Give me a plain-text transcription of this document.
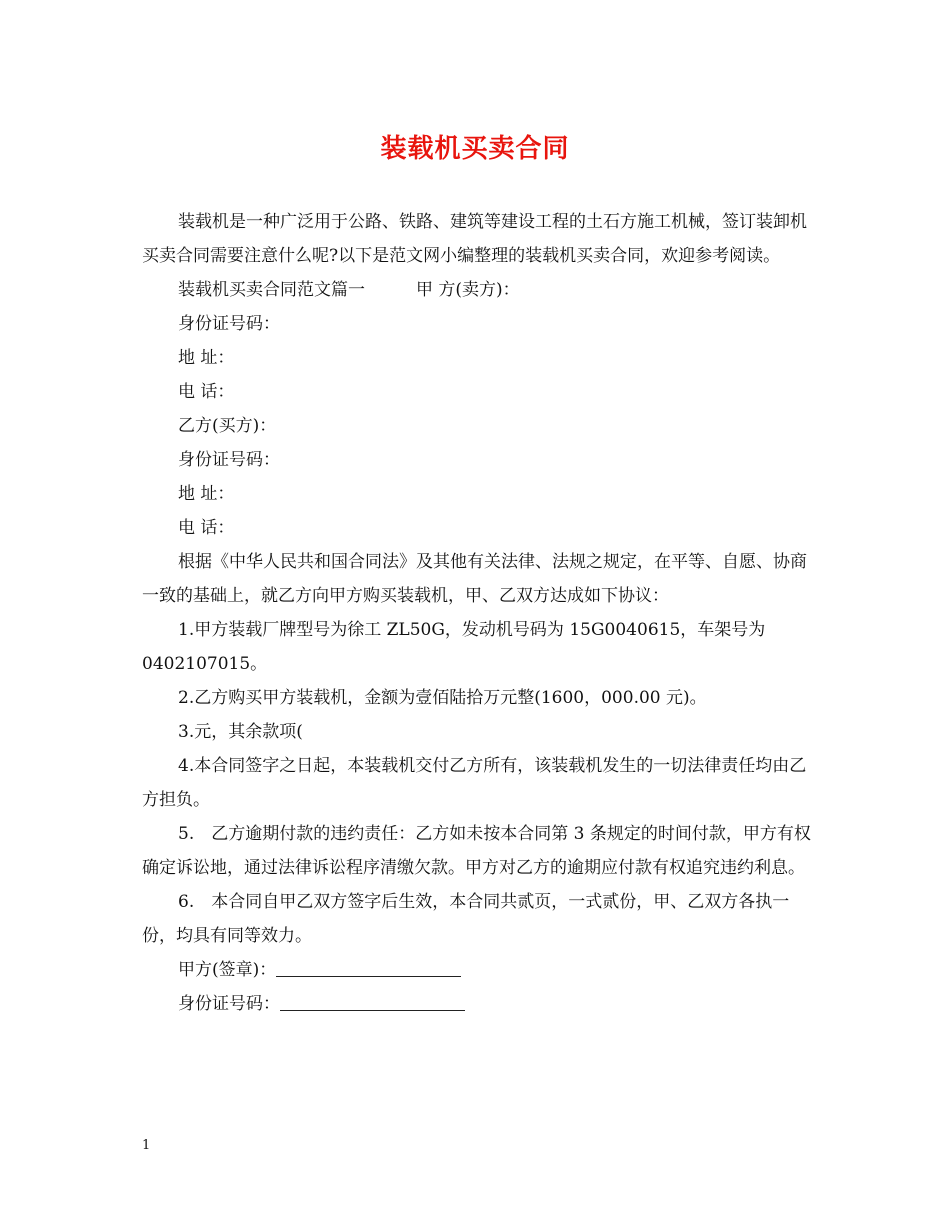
装载机买卖合同

装载机是一种广泛用于公路、铁路、建筑等建设工程的土石方施工机械，签订装卸机买卖合同需要注意什么呢?以下是范文网小编整理的装载机买卖合同，欢迎参考阅读。

装载机买卖合同范文篇一　　　甲 方(卖方)：

身份证号码：

地 址：

电 话：

乙方(买方)：

身份证号码：

地 址：

电 话：

根据《中华人民共和国合同法》及其他有关法律、法规之规定，在平等、自愿、协商一致的基础上，就乙方向甲方购买装载机，甲、乙双方达成如下协议：

1.甲方装载厂牌型号为徐工 ZL50G，发动机号码为 15G0040615，车架号为 0402107015。

2.乙方购买甲方装载机，金额为壹佰陆拾万元整(1600，000.00 元)。

3.元，其余款项(

4.本合同签字之日起，本装载机交付乙方所有，该装载机发生的一切法律责任均由乙方担负。

5.　乙方逾期付款的违约责任：乙方如未按本合同第 3 条规定的时间付款，甲方有权确定诉讼地，通过法律诉讼程序清缴欠款。甲方对乙方的逾期应付款有权追究违约利息。

6.　本合同自甲乙双方签字后生效，本合同共贰页，一式贰份，甲、乙双方各执一份，均具有同等效力。

甲方(签章)：

身份证号码：

1
